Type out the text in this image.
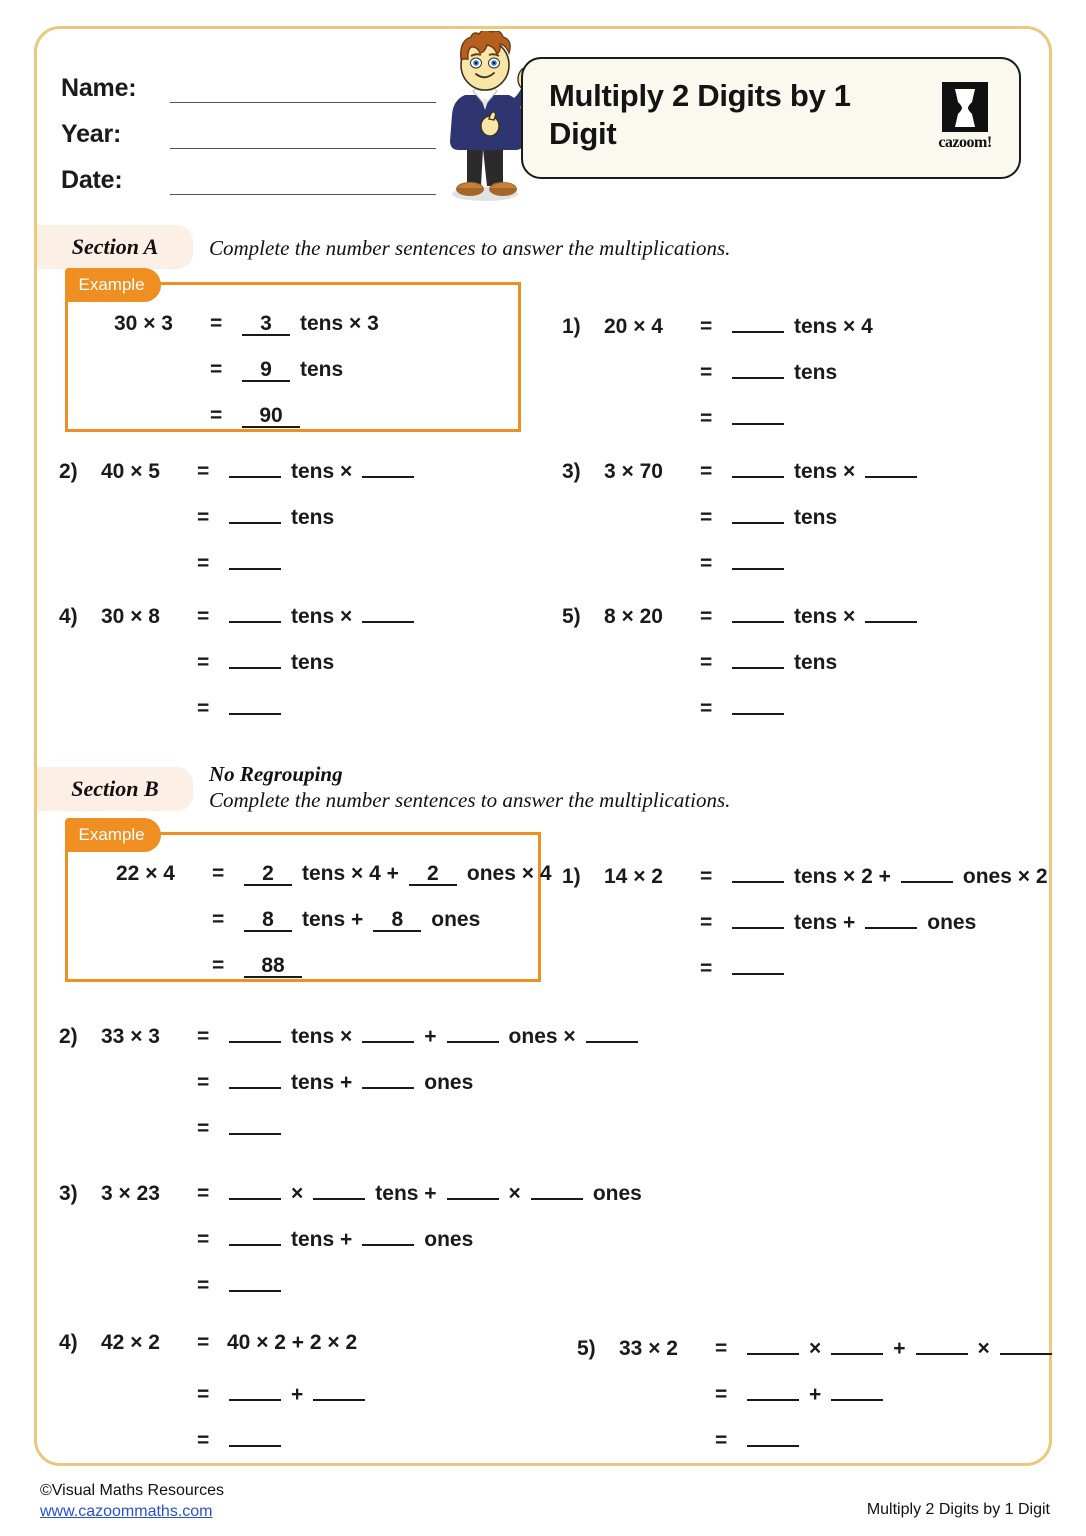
Name:
Year:
Date:
Multiply 2 Digits by 1 Digit	cazoom!
Section A	Complete the number sentences to answer the multiplications.
Example
30 × 3	=	3	tens × 3
=	9	tens
=	90
1)	20 × 4	=	tens × 4
=	tens
=
2)	40 × 5	=	tens ×
=	tens
=
3)	3 × 70	=	tens ×
=	tens
=
4)	30 × 8	=	tens ×
=	tens
=
5)	8 × 20	=	tens ×
=	tens
=
Section B
No Regrouping
Complete the number sentences to answer the multiplications.
Example
22 × 4	=	2	tens × 4 +	2	ones × 4
=	8	tens +	8	ones
=	88
1)	14 × 2	=	tens × 2 +	ones × 2
=	tens +	ones
=
2)	33 × 3	=	tens ×	+	ones ×
=	tens +	ones
=
3)	3 × 23	=	×	tens +	×	ones
=	tens +	ones
=
4)	42 × 2	= 40 × 2 + 2 × 2
=	+
=
5)	33 × 2	=	×	+	×
=	+
=
©Visual Maths Resources
www.cazoommaths.com	Multiply 2 Digits by 1 Digit
